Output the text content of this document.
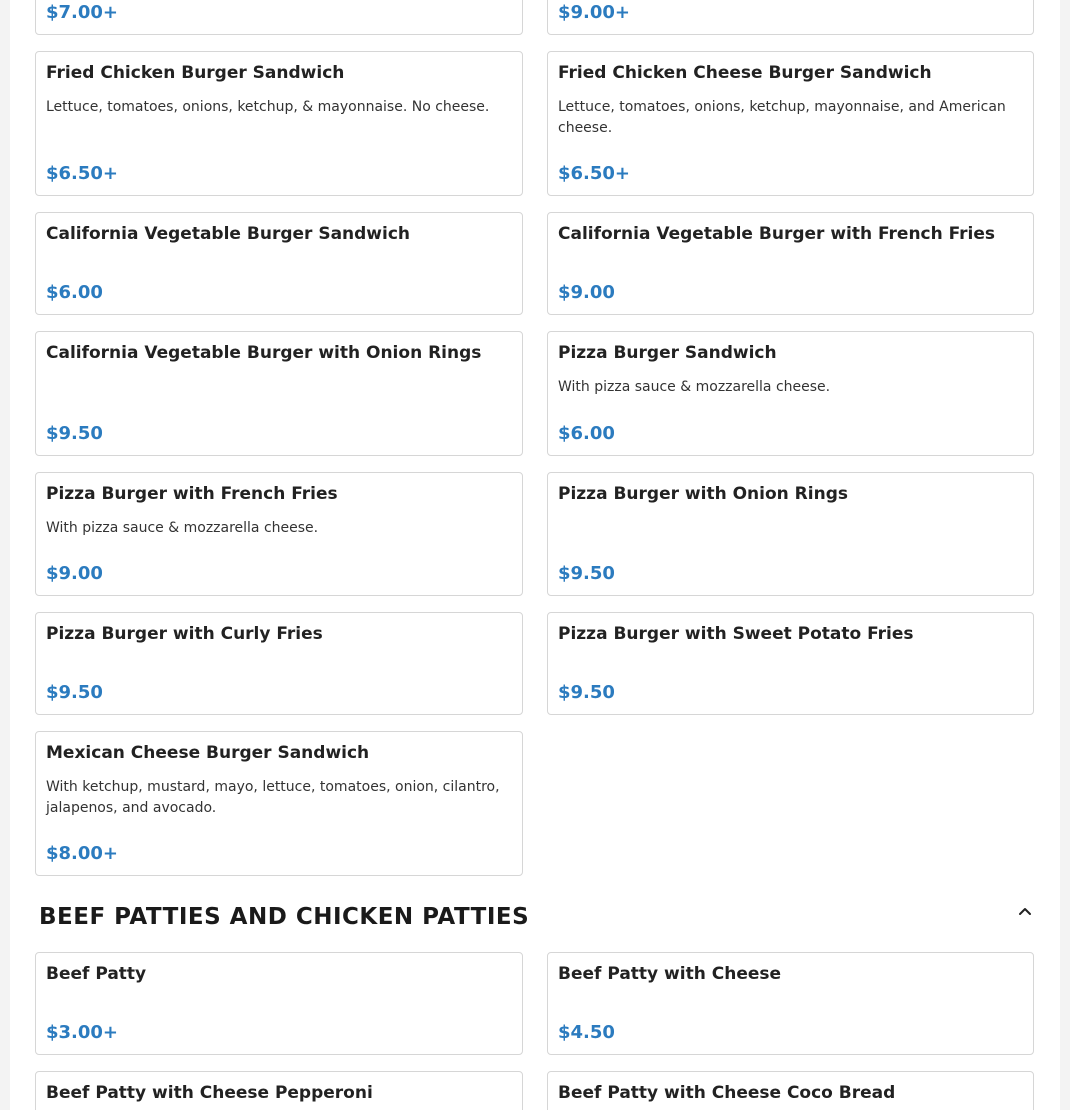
$7.00+	$9.00+
Fried Chicken Burger Sandwich
Lettuce, tomatoes, onions, ketchup, & mayonnaise. No cheese.
$6.50+
Fried Chicken Cheese Burger Sandwich
Lettuce, tomatoes, onions, ketchup, mayonnaise, and American cheese.
$6.50+
California Vegetable Burger Sandwich
$6.00
California Vegetable Burger with French Fries
$9.00
California Vegetable Burger with Onion Rings
$9.50
Pizza Burger Sandwich
With pizza sauce & mozzarella cheese.
$6.00
Pizza Burger with French Fries
With pizza sauce & mozzarella cheese.
$9.00
Pizza Burger with Onion Rings
$9.50
Pizza Burger with Curly Fries
$9.50
Pizza Burger with Sweet Potato Fries
$9.50
Mexican Cheese Burger Sandwich
With ketchup, mustard, mayo, lettuce, tomatoes, onion, cilantro, jalapenos, and avocado.
$8.00+
BEEF PATTIES AND CHICKEN PATTIES
Beef Patty
$3.00+
Beef Patty with Cheese
$4.50
Beef Patty with Cheese Pepperoni	Beef Patty with Cheese Coco Bread
